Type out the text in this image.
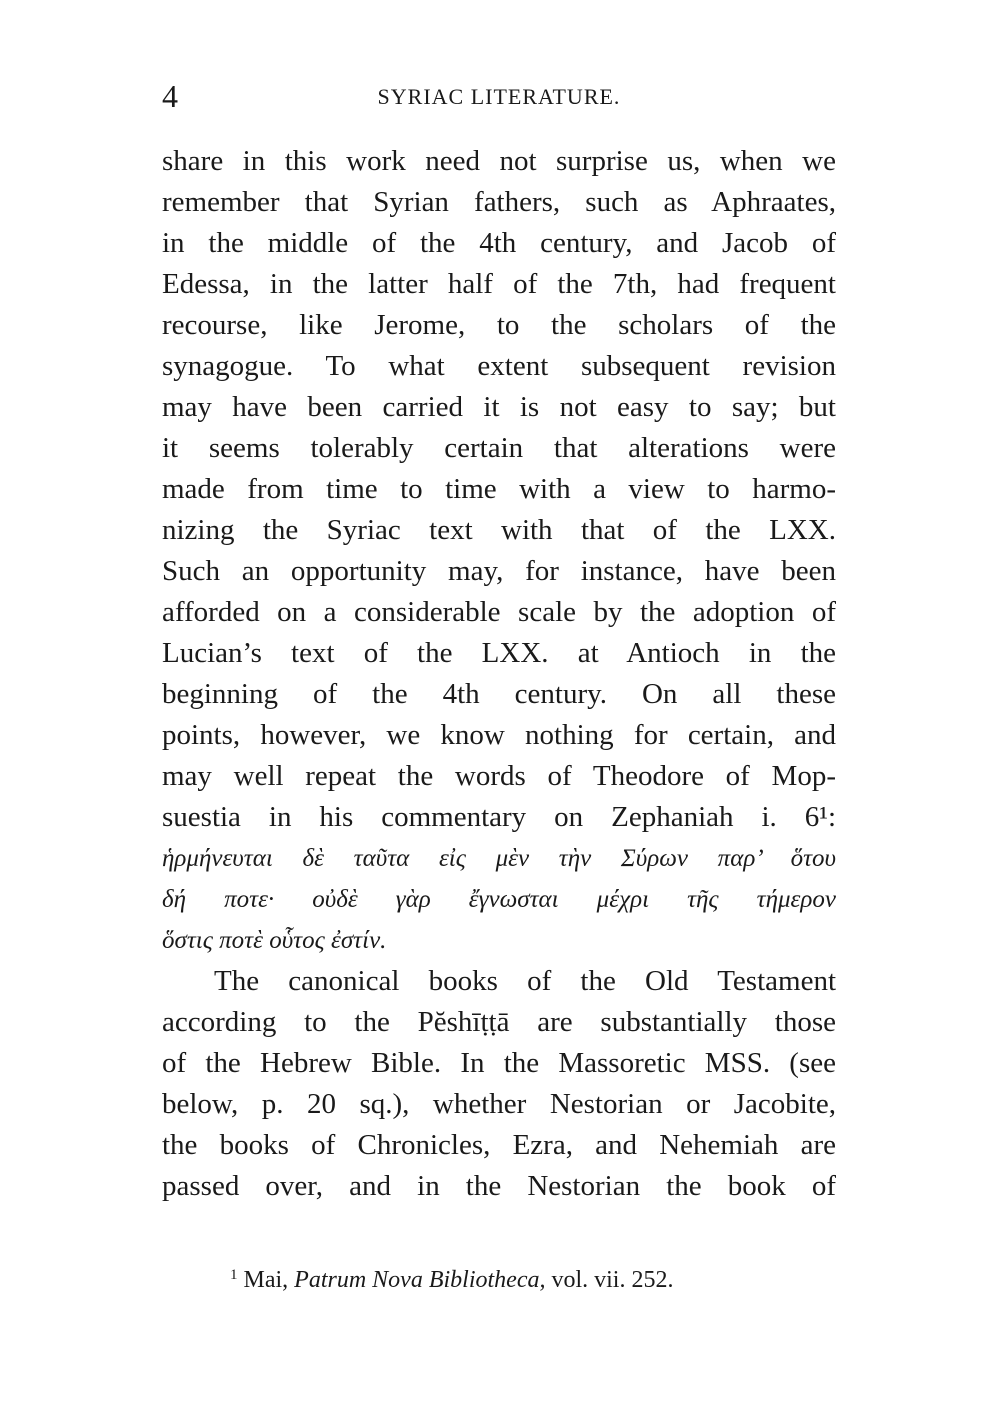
4	SYRIAC LITERATURE.
share in this work need not surprise us, when we
remember that Syrian fathers, such as Aphraates,
in the middle of the 4th century, and Jacob of
Edessa, in the latter half of the 7th, had frequent
recourse, like Jerome, to the scholars of the
synagogue. To what extent subsequent revision
may have been carried it is not easy to say; but
it seems tolerably certain that alterations were
made from time to time with a view to harmo-
nizing the Syriac text with that of the LXX.
Such an opportunity may, for instance, have been
afforded on a considerable scale by the adoption of
Lucian’s text of the LXX. at Antioch in the
beginning of the 4th century. On all these
points, however, we know nothing for certain, and
may well repeat the words of Theodore of Mop-
suestia in his commentary on Zephaniah i. 6¹:
ἡρμήνευται δὲ ταῦτα εἰς μὲν τὴν Σύρων παρ’ ὅτου
δή ποτε· οὐδὲ γὰρ ἔγνωσται μέχρι τῆς τήμερον
ὅστις ποτὲ οὗτος ἐστίν.
The canonical books of the Old Testament
according to the Pĕshīṭṭā are substantially those
of the Hebrew Bible. In the Massoretic MSS. (see
below, p. 20 sq.), whether Nestorian or Jacobite,
the books of Chronicles, Ezra, and Nehemiah are
passed over, and in the Nestorian the book of
$^1$ Mai, Patrum Nova Bibliotheca, vol. vii. 252.
